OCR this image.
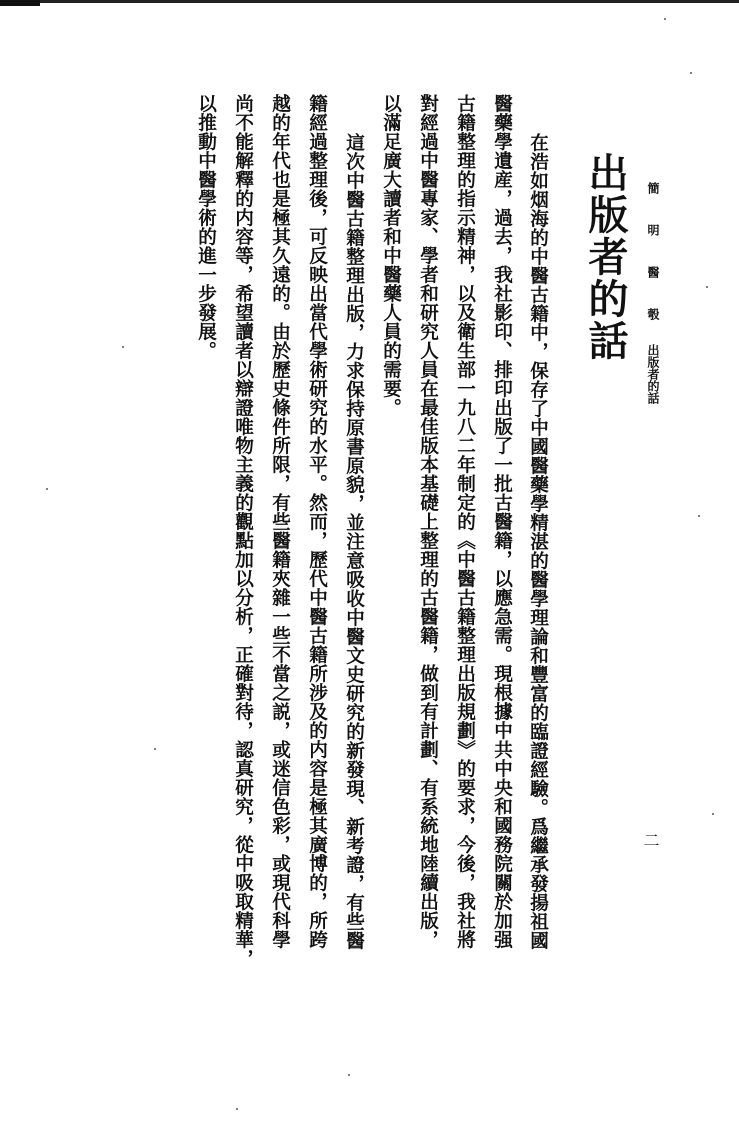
簡 明 醫 彀
出版者的話
二
出版者的話
在浩如烟海的中醫古籍中，保存了中國醫藥學精湛的醫學理論和豐富的臨證經驗。爲繼承發揚祖國
醫藥學遺産，過去，我社影印、排印出版了一批古醫籍，以應急需。現根據中共中央和國務院關於加强
古籍整理的指示精神，以及衛生部一九八二年制定的《中醫古籍整理出版規劃》的要求，今後，我社將
對經過中醫專家、學者和研究人員在最佳版本基礎上整理的古醫籍，做到有計劃、有系統地陸續出版，
以滿足廣大讀者和中醫藥人員的需要。
這次中醫古籍整理出版，力求保持原書原貌，並注意吸收中醫文史研究的新發現、新考證，有些醫
籍經過整理後，可反映出當代學術研究的水平。然而，歷代中醫古籍所涉及的内容是極其廣博的，所跨
越的年代也是極其久遠的。由於歷史條件所限，有些醫籍夾雜一些不當之説，或迷信色彩，或現代科學
尚不能解釋的内容等，希望讀者以辯證唯物主義的觀點加以分析，正確對待，認真研究，從中吸取精華，
以推動中醫學術的進一步發展。
